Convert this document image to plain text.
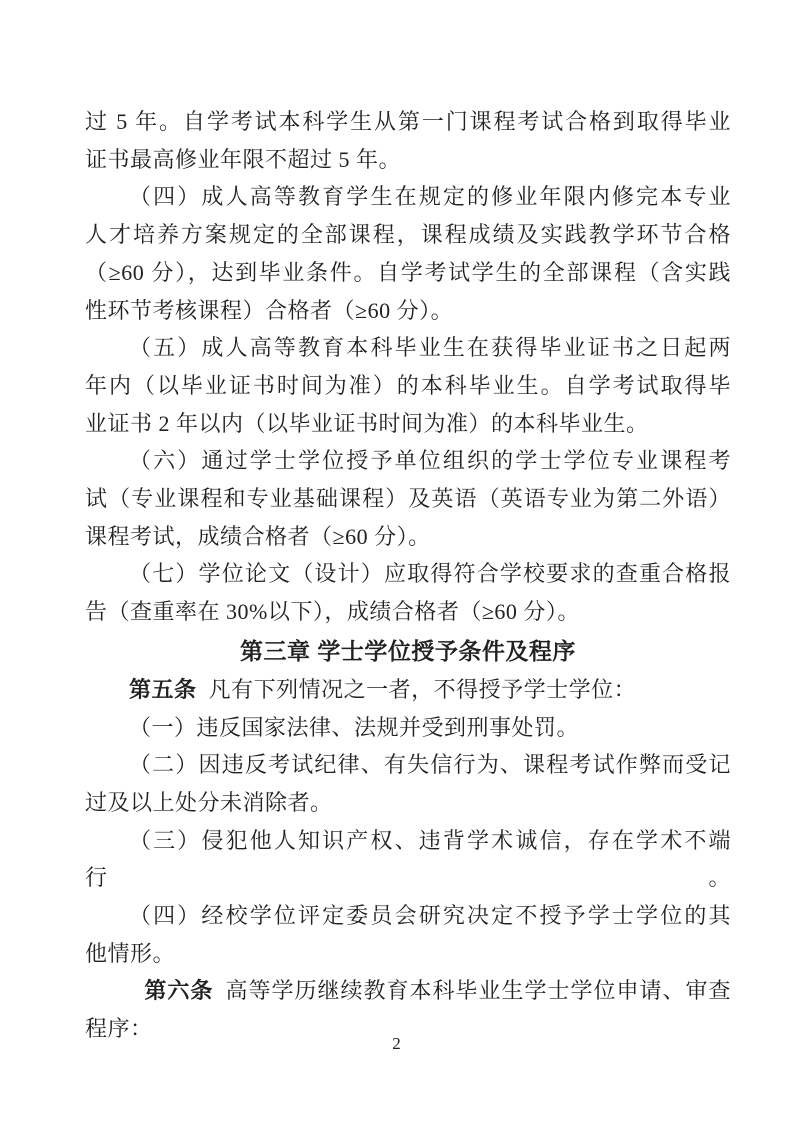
过 5 年。自学考试本科学生从第一门课程考试合格到取得毕业
证书最高修业年限不超过 5 年。
（四）成人高等教育学生在规定的修业年限内修完本专业
人才培养方案规定的全部课程，课程成绩及实践教学环节合格
（≥60 分），达到毕业条件。自学考试学生的全部课程（含实践
性环节考核课程）合格者（≥60 分）。
（五）成人高等教育本科毕业生在获得毕业证书之日起两
年内（以毕业证书时间为准）的本科毕业生。自学考试取得毕
业证书 2 年以内（以毕业证书时间为准）的本科毕业生。
（六）通过学士学位授予单位组织的学士学位专业课程考
试（专业课程和专业基础课程）及英语（英语专业为第二外语）
课程考试，成绩合格者（≥60 分）。
（七）学位论文（设计）应取得符合学校要求的查重合格报
告（查重率在 30%以下），成绩合格者（≥60 分）。
第三章 学士学位授予条件及程序
第五条 凡有下列情况之一者，不得授予学士学位：
（一）违反国家法律、法规并受到刑事处罚。
（二）因违反考试纪律、有失信行为、课程考试作弊而受记
过及以上处分未消除者。
（三）侵犯他人知识产权、违背学术诚信，存在学术不端行。
（四）经校学位评定委员会研究决定不授予学士学位的其
他情形。
第六条 高等学历继续教育本科毕业生学士学位申请、审查
程序：
2
